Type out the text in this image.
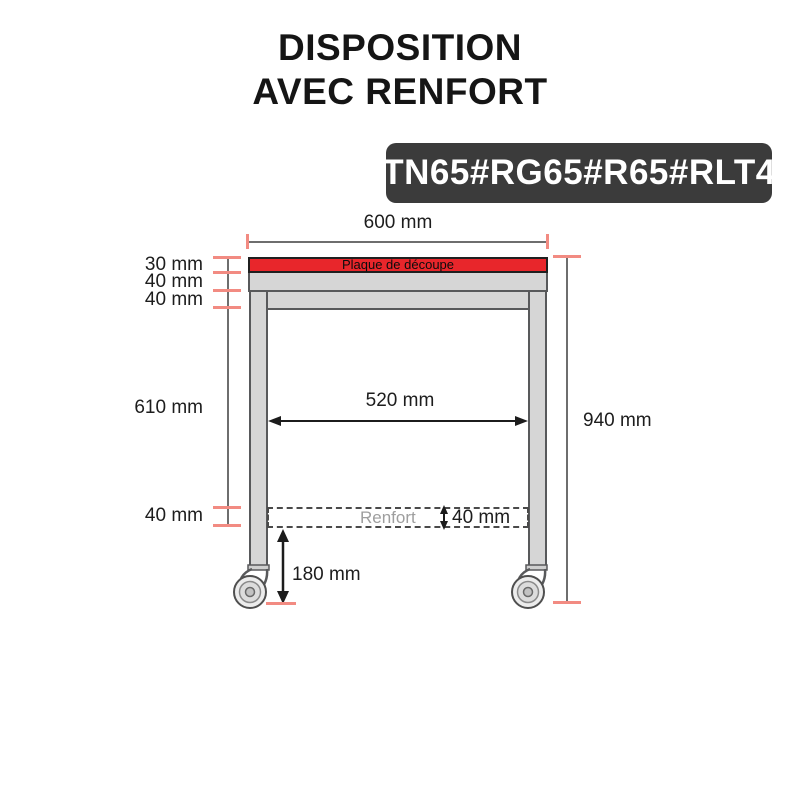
DISPOSITION
AVEC RENFORT
TN65#RG65#R65#RLT4
600 mm
Plaque de découpe
30 mm
40 mm
40 mm
610 mm
40 mm
940 mm
520 mm
Renfort 40 mm
180 mm
